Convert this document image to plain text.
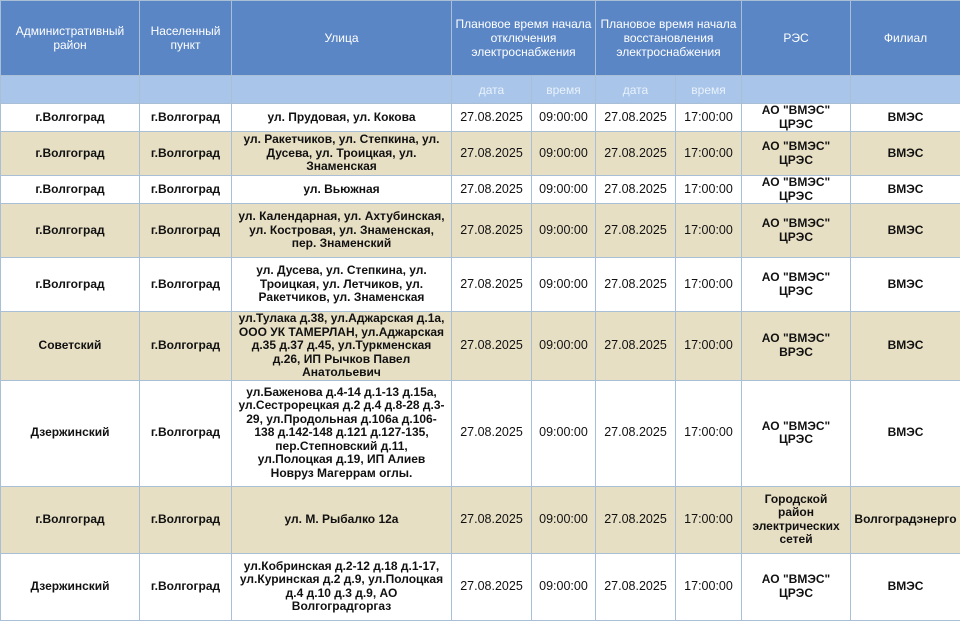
Административный район	Населенный пункт	Улица	Плановое время начала отключения электроснабжения		Плановое время начала восстановления электроснабжения		РЭС	Филиал
			дата	время	дата	время		
г.Волгоград	г.Волгоград	ул. Прудовая, ул. Кокова	27.08.2025	09:00:00	27.08.2025	17:00:00	АО "ВМЭС" ЦРЭС	ВМЭС
г.Волгоград	г.Волгоград	ул. Ракетчиков, ул. Степкина, ул. Дусева, ул. Троицкая, ул. Знаменская	27.08.2025	09:00:00	27.08.2025	17:00:00	АО "ВМЭС" ЦРЭС	ВМЭС
г.Волгоград	г.Волгоград	ул. Вьюжная	27.08.2025	09:00:00	27.08.2025	17:00:00	АО "ВМЭС" ЦРЭС	ВМЭС
г.Волгоград	г.Волгоград	ул. Календарная, ул. Ахтубинская, ул. Костровая, ул. Знаменская, пер. Знаменский	27.08.2025	09:00:00	27.08.2025	17:00:00	АО "ВМЭС" ЦРЭС	ВМЭС
г.Волгоград	г.Волгоград	ул. Дусева, ул. Степкина, ул. Троицкая, ул. Летчиков, ул. Ракетчиков, ул. Знаменская	27.08.2025	09:00:00	27.08.2025	17:00:00	АО "ВМЭС" ЦРЭС	ВМЭС
Советский	г.Волгоград	ул.Тулака д.38, ул.Аджарская д.1а, ООО УК ТАМЕРЛАН, ул.Аджарская д.35 д.37 д.45, ул.Туркменская д.26, ИП Рычков Павел Анатольевич	27.08.2025	09:00:00	27.08.2025	17:00:00	АО "ВМЭС" ВРЭС	ВМЭС
Дзержинский	г.Волгоград	ул.Баженова д.4-14 д.1-13 д.15а, ул.Сестрорецкая д.2 д.4 д.8-28 д.3-29, ул.Продольная д.106а д.106-138 д.142-148 д.121 д.127-135, пер.Степновский д.11, ул.Полоцкая д.19, ИП Алиев Новруз Магеррам оглы.	27.08.2025	09:00:00	27.08.2025	17:00:00	АО "ВМЭС" ЦРЭС	ВМЭС
г.Волгоград	г.Волгоград	ул. М. Рыбалко 12а	27.08.2025	09:00:00	27.08.2025	17:00:00	Городской район электрических сетей	Волгоградэнерго
Дзержинский	г.Волгоград	ул.Кобринская д.2-12 д.18 д.1-17, ул.Куринская д.2 д.9, ул.Полоцкая д.4 д.10 д.3 д.9, АО Волгоградгоргаз	27.08.2025	09:00:00	27.08.2025	17:00:00	АО "ВМЭС" ЦРЭС	ВМЭС
